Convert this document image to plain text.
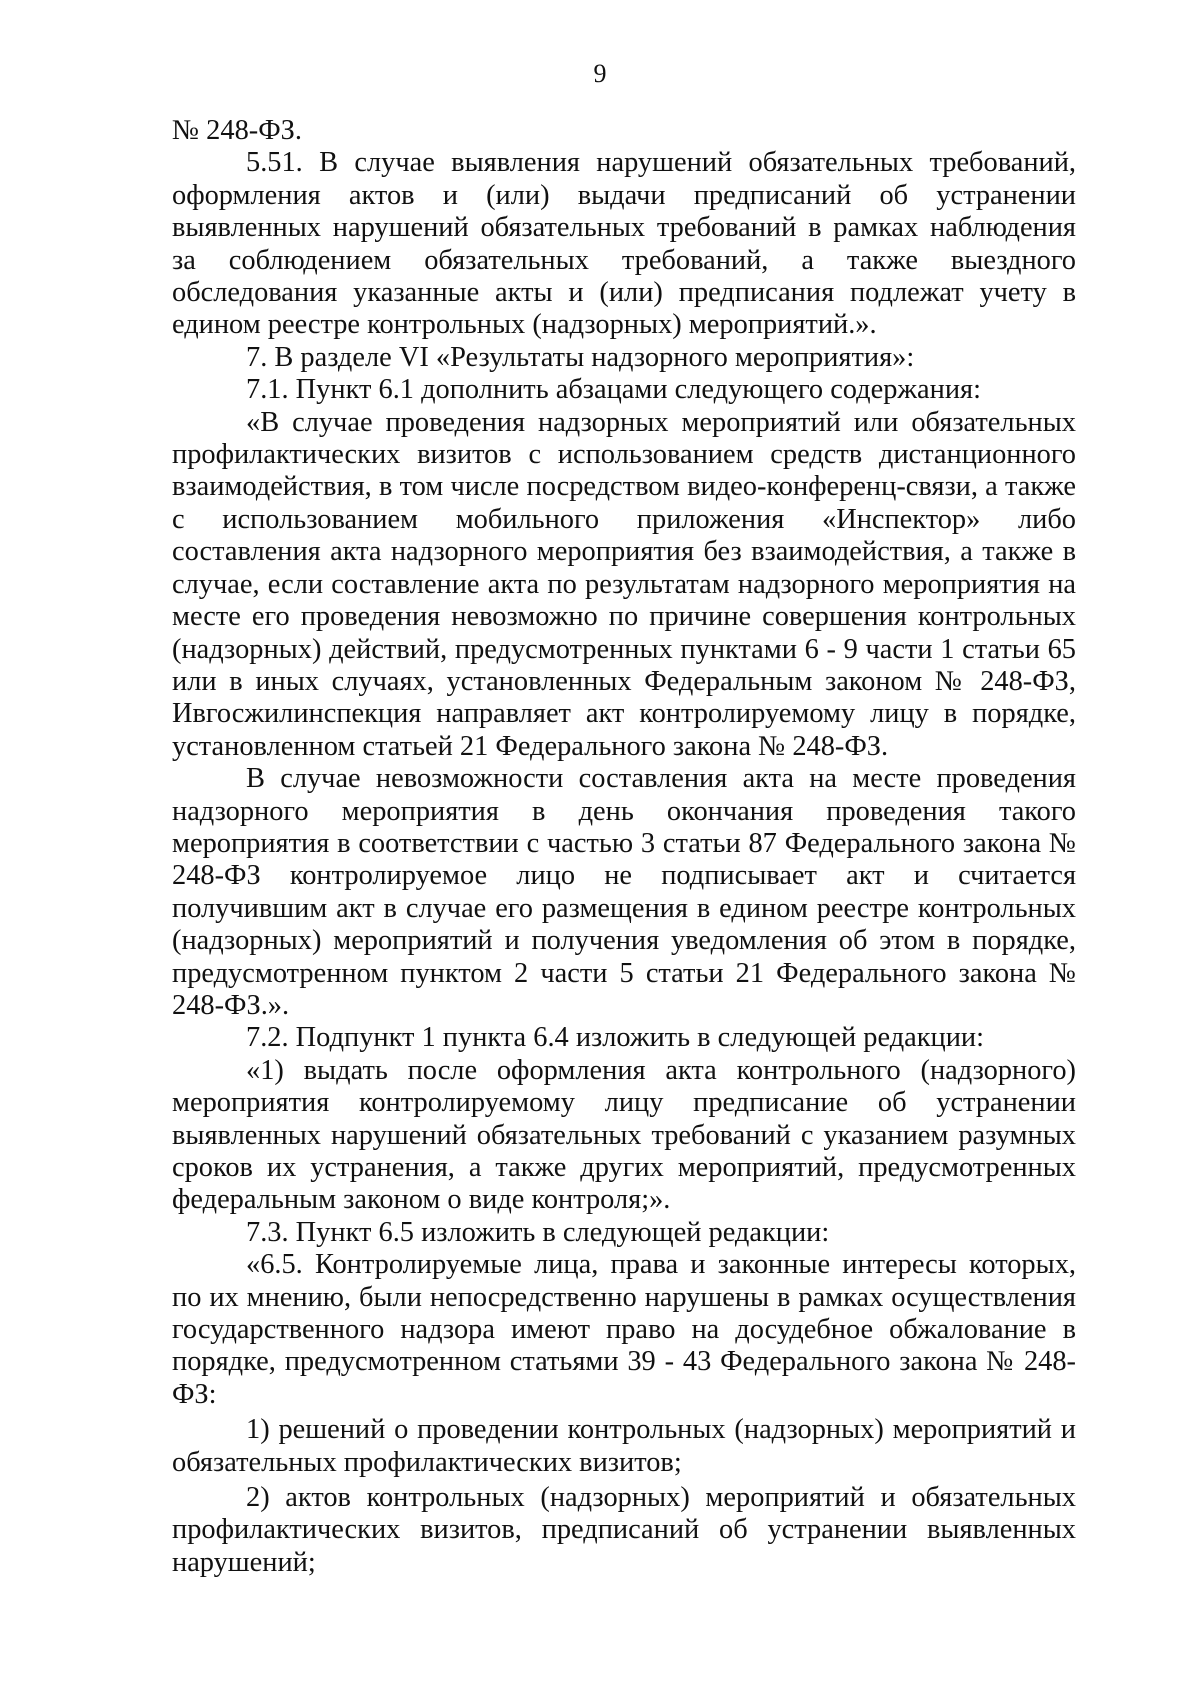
9

№ 248-ФЗ.

5.51. В случае выявления нарушений обязательных требований, оформления актов и (или) выдачи предписаний об устранении выявленных нарушений обязательных требований в рамках наблюдения за соблюдением обязательных требований, а также выездного обследования указанные акты и (или) предписания подлежат учету в едином реестре контрольных (надзорных) мероприятий.».

7. В разделе VI «Результаты надзорного мероприятия»:

7.1. Пункт 6.1 дополнить абзацами следующего содержания:

«В случае проведения надзорных мероприятий или обязательных профилактических визитов с использованием средств дистанционного взаимодействия, в том числе посредством видео-конференц-связи, а также с использованием мобильного приложения «Инспектор» либо составления акта надзорного мероприятия без взаимодействия, а также в случае, если составление акта по результатам надзорного мероприятия на месте его проведения невозможно по причине совершения контрольных (надзорных) действий, предусмотренных пунктами 6 - 9 части 1 статьи 65 или в иных случаях, установленных Федеральным законом № 248-ФЗ, Ивгосжилинспекция направляет акт контролируемому лицу в порядке, установленном статьей 21 Федерального закона № 248-ФЗ.

В случае невозможности составления акта на месте проведения надзорного мероприятия в день окончания проведения такого мероприятия в соответствии с частью 3 статьи 87 Федерального закона № 248-ФЗ контролируемое лицо не подписывает акт и считается получившим акт в случае его размещения в едином реестре контрольных (надзорных) мероприятий и получения уведомления об этом в порядке, предусмотренном пунктом 2 части 5 статьи 21 Федерального закона № 248-ФЗ.».

7.2. Подпункт 1 пункта 6.4 изложить в следующей редакции:

«1) выдать после оформления акта контрольного (надзорного) мероприятия контролируемому лицу предписание об устранении выявленных нарушений обязательных требований с указанием разумных сроков их устранения, а также других мероприятий, предусмотренных федеральным законом о виде контроля;».

7.3. Пункт 6.5 изложить в следующей редакции:

«6.5. Контролируемые лица, права и законные интересы которых, по их мнению, были непосредственно нарушены в рамках осуществления государственного надзора имеют право на досудебное обжалование в порядке, предусмотренном статьями 39 - 43 Федерального закона № 248-ФЗ:

1) решений о проведении контрольных (надзорных) мероприятий и обязательных профилактических визитов;

2) актов контрольных (надзорных) мероприятий и обязательных профилактических визитов, предписаний об устранении выявленных нарушений;
